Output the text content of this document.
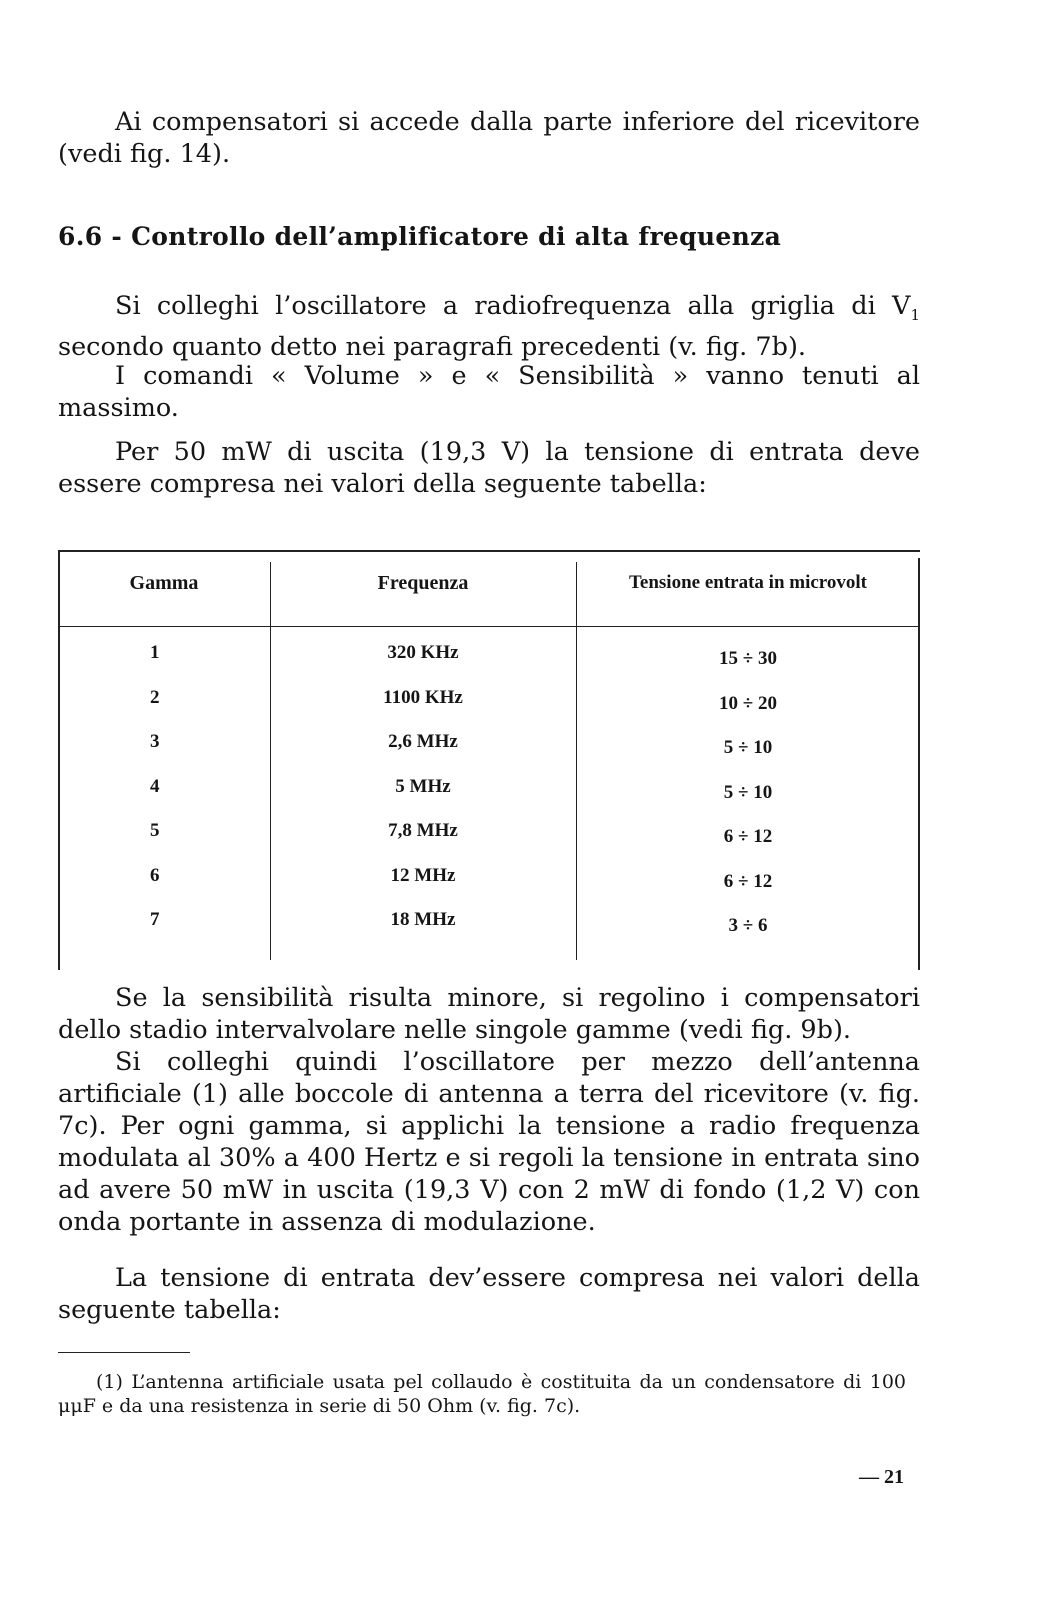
Ai compensatori si accede dalla parte inferiore del ricevitore (vedi fig. 14).

6.6 - Controllo dell’amplificatore di alta frequenza

Si colleghi l’oscillatore a radiofrequenza alla griglia di $V_1$ secondo quanto detto nei paragrafi precedenti (v. fig. 7b).

I comandi « Volume » e « Sensibilità » vanno tenuti al massimo.

Per 50 mW di uscita (19,3 V) la tensione di entrata deve essere compresa nei valori della seguente tabella:

Gamma	Frequenza	Tensione entrata in microvolt
1	320 KHz	15 ÷ 30
2	1100 KHz	10 ÷ 20
3	2,6 MHz	5 ÷ 10
4	5 MHz	5 ÷ 10
5	7,8 MHz	6 ÷ 12
6	12 MHz	6 ÷ 12
7	18 MHz	3 ÷ 6

Se la sensibilità risulta minore, si regolino i compensatori dello stadio intervalvolare nelle singole gamme (vedi fig. 9b).

Si colleghi quindi l’oscillatore per mezzo dell’antenna artificiale (1) alle boccole di antenna a terra del ricevitore (v. fig. 7c). Per ogni gamma, si applichi la tensione a radio frequenza modulata al 30% a 400 Hertz e si regoli la tensione in entrata sino ad avere 50 mW in uscita (19,3 V) con 2 mW di fondo (1,2 V) con onda portante in assenza di modulazione.

La tensione di entrata dev’essere compresa nei valori della seguente tabella:

(1) L’antenna artificiale usata pel collaudo è costituita da un condensatore di 100 μμF e da una resistenza in serie di 50 Ohm (v. fig. 7c).

— 21
